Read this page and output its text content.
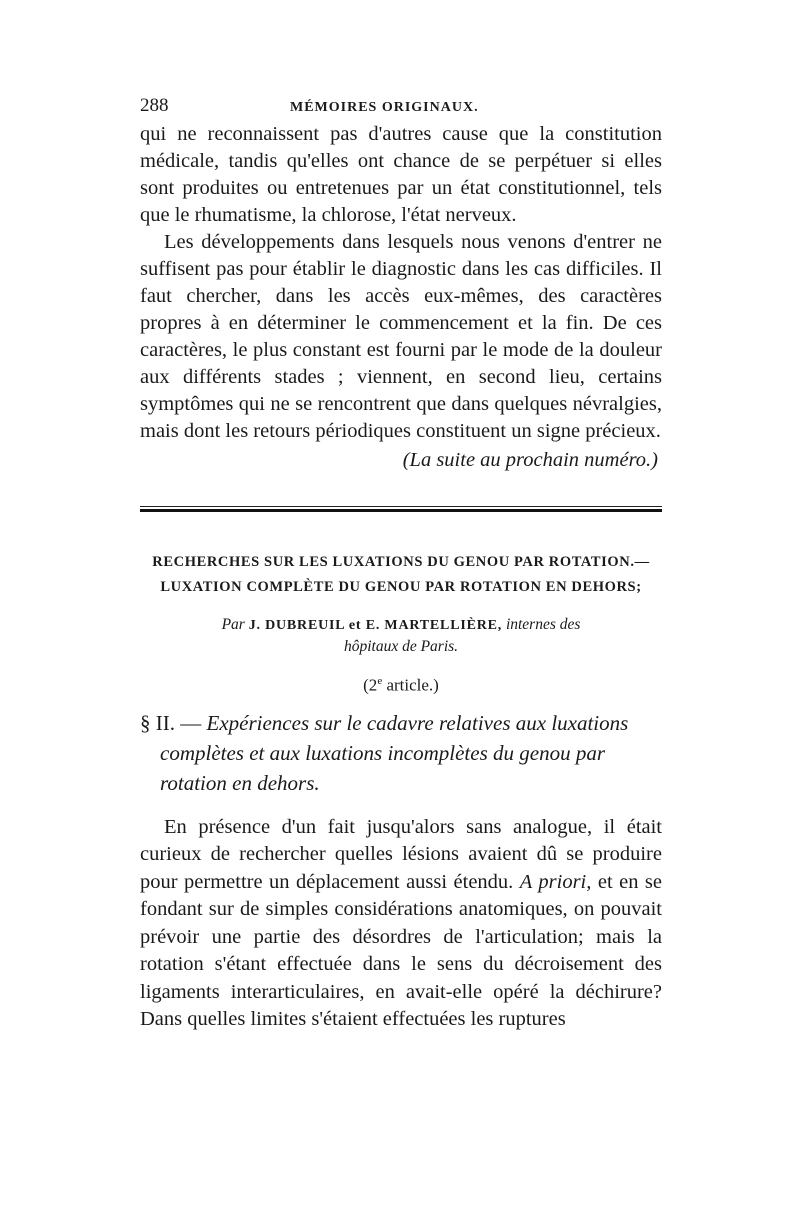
288	MÉMOIRES ORIGINAUX.

qui ne reconnaissent pas d'autres cause que la constitution médicale, tandis qu'elles ont chance de se perpétuer si elles sont produites ou entretenues par un état constitutionnel, tels que le rhumatisme, la chlorose, l'état nerveux.

Les développements dans lesquels nous venons d'entrer ne suffisent pas pour établir le diagnostic dans les cas difficiles. Il faut chercher, dans les accès eux-mêmes, des caractères propres à en déterminer le commencement et la fin. De ces caractères, le plus constant est fourni par le mode de la douleur aux différents stades ; viennent, en second lieu, certains symptômes qui ne se rencontrent que dans quelques névralgies, mais dont les retours périodiques constituent un signe précieux.

(La suite au prochain numéro.)
RECHERCHES SUR LES LUXATIONS DU GENOU PAR ROTATION.—
LUXATION COMPLÈTE DU GENOU PAR ROTATION EN DEHORS;
Par J. DUBREUIL et E. MARTELLIÈRE, internes des
hôpitaux de Paris.
(2e article.)
§ II. — Expériences sur le cadavre relatives aux luxations complètes et aux luxations incomplètes du genou par rotation en dehors.

En présence d'un fait jusqu'alors sans analogue, il était curieux de rechercher quelles lésions avaient dû se produire pour permettre un déplacement aussi étendu. A priori, et en se fondant sur de simples considérations anatomiques, on pouvait prévoir une partie des désordres de l'articulation; mais la rotation s'étant effectuée dans le sens du décroisement des ligaments interarticulaires, en avait-elle opéré la déchirure? Dans quelles limites s'étaient effectuées les ruptures
